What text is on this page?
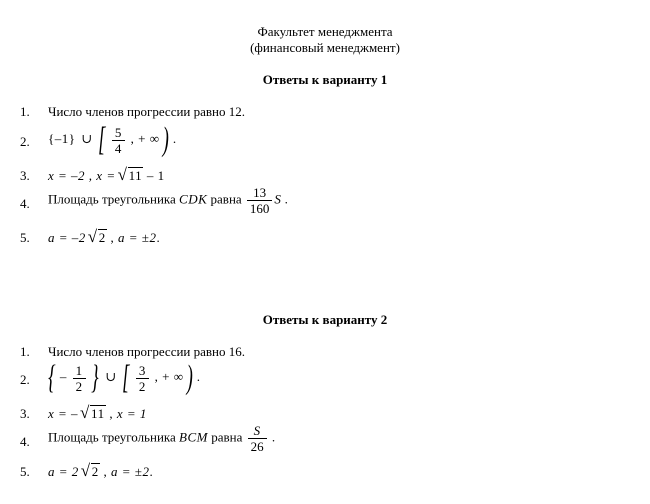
Факультет менеджмента
(финансовый менеджмент)
Ответы к варианту 1
1. Число членов прогрессии равно 12.
2. {–1} ∪ [ $\frac{5}{4}$ , + ∞ ) .
3. x = –2 , x = √ 11 – 1
4. Площадь треугольника CDK равна $\frac{13}{160}$ S .
5. a = –2 √ 2 , a = ±2.
Ответы к варианту 2
1. Число членов прогрессии равно 16.
2. { – $\frac{1}{2}$ } ∪ [ $\frac{3}{2}$ , + ∞ ) .
3. x = – √ 11 , x = 1
4. Площадь треугольника BCM равна $\frac{S}{26}$ .
5. a = 2 √ 2 , a = ±2.
